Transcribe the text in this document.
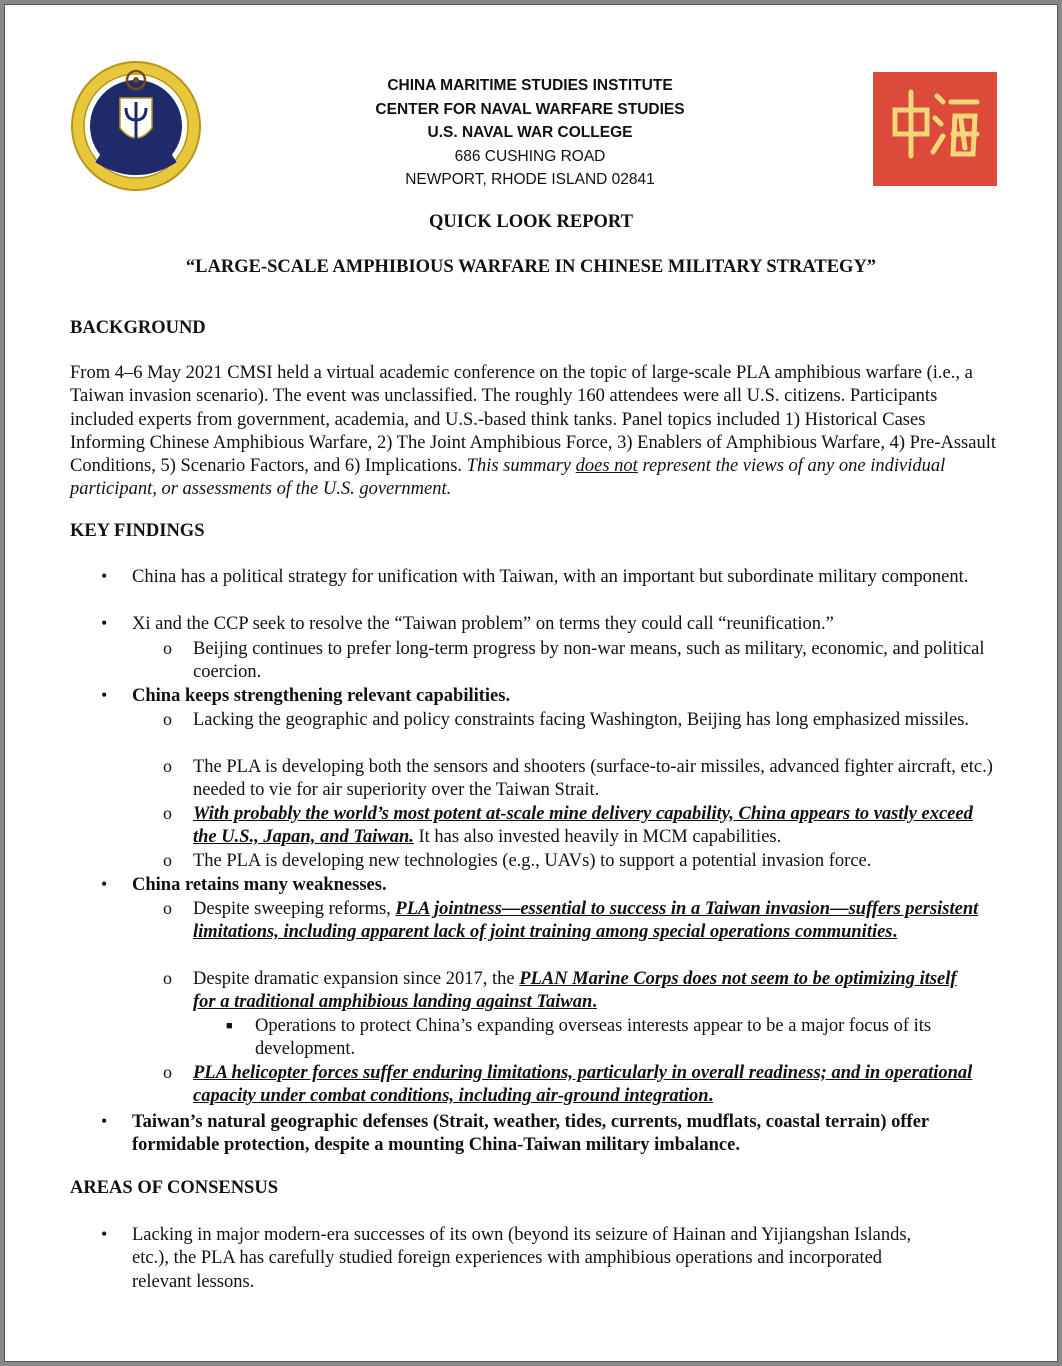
CHINA MARITIME STUDIES INSTITUTE
CENTER FOR NAVAL WARFARE STUDIES
U.S. NAVAL WAR COLLEGE
686 CUSHING ROAD
NEWPORT, RHODE ISLAND 02841
QUICK LOOK REPORT
“LARGE-SCALE AMPHIBIOUS WARFARE IN CHINESE MILITARY STRATEGY”
BACKGROUND
From 4–6 May 2021 CMSI held a virtual academic conference on the topic of large-scale PLA amphibious warfare (i.e., a Taiwan invasion scenario). The event was unclassified. The roughly 160 attendees were all U.S. citizens. Participants included experts from government, academia, and U.S.-based think tanks. Panel topics included 1) Historical Cases Informing Chinese Amphibious Warfare, 2) The Joint Amphibious Force, 3) Enablers of Amphibious Warfare, 4) Pre-Assault Conditions, 5) Scenario Factors, and 6) Implications. This summary does not represent the views of any one individual participant, or assessments of the U.S. government.
KEY FINDINGS
• China has a political strategy for unification with Taiwan, with an important but subordinate military component.
• Xi and the CCP seek to resolve the “Taiwan problem” on terms they could call “reunification.”
o Beijing continues to prefer long-term progress by non-war means, such as military, economic, and political coercion.
• China keeps strengthening relevant capabilities.
o Lacking the geographic and policy constraints facing Washington, Beijing has long emphasized missiles.
o The PLA is developing both the sensors and shooters (surface-to-air missiles, advanced fighter aircraft, etc.) needed to vie for air superiority over the Taiwan Strait.
o With probably the world’s most potent at-scale mine delivery capability, China appears to vastly exceed the U.S., Japan, and Taiwan. It has also invested heavily in MCM capabilities.
o The PLA is developing new technologies (e.g., UAVs) to support a potential invasion force.
• China retains many weaknesses.
o Despite sweeping reforms, PLA jointness—essential to success in a Taiwan invasion—suffers persistent limitations, including apparent lack of joint training among special operations communities.
o Despite dramatic expansion since 2017, the PLAN Marine Corps does not seem to be optimizing itself for a traditional amphibious landing against Taiwan.
■ Operations to protect China’s expanding overseas interests appear to be a major focus of its development.
o PLA helicopter forces suffer enduring limitations, particularly in overall readiness; and in operational capacity under combat conditions, including air-ground integration.
• Taiwan’s natural geographic defenses (Strait, weather, tides, currents, mudflats, coastal terrain) offer formidable protection, despite a mounting China-Taiwan military imbalance.
AREAS OF CONSENSUS
• Lacking in major modern-era successes of its own (beyond its seizure of Hainan and Yijiangshan Islands, etc.), the PLA has carefully studied foreign experiences with amphibious operations and incorporated relevant lessons.
